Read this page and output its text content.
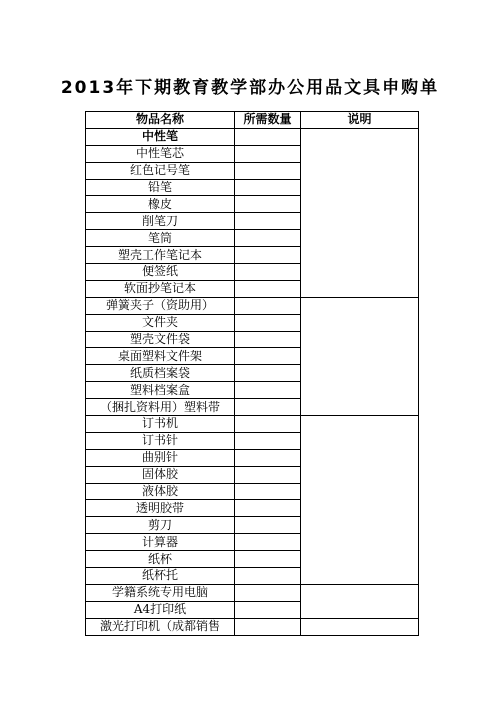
2013年下期教育教学部办公用品文具申购单
物品名称	所需数量	说明
中性笔		
中性笔芯		
红色记号笔		
铅笔		
橡皮		
削笔刀		
笔筒		
塑壳工作笔记本		
便签纸		
软面抄笔记本		
弹簧夹子（资助用）		
文件夹		
塑壳文件袋		
桌面塑料文件架		
纸质档案袋		
塑料档案盒		
（捆扎资料用）塑料带		
订书机		
订书针		
曲别针		
固体胶		
液体胶		
透明胶带		
剪刀		
计算器		
纸杯		
纸杯托		
学籍系统专用电脑		
A4打印纸		
激光打印机（成都销售		
